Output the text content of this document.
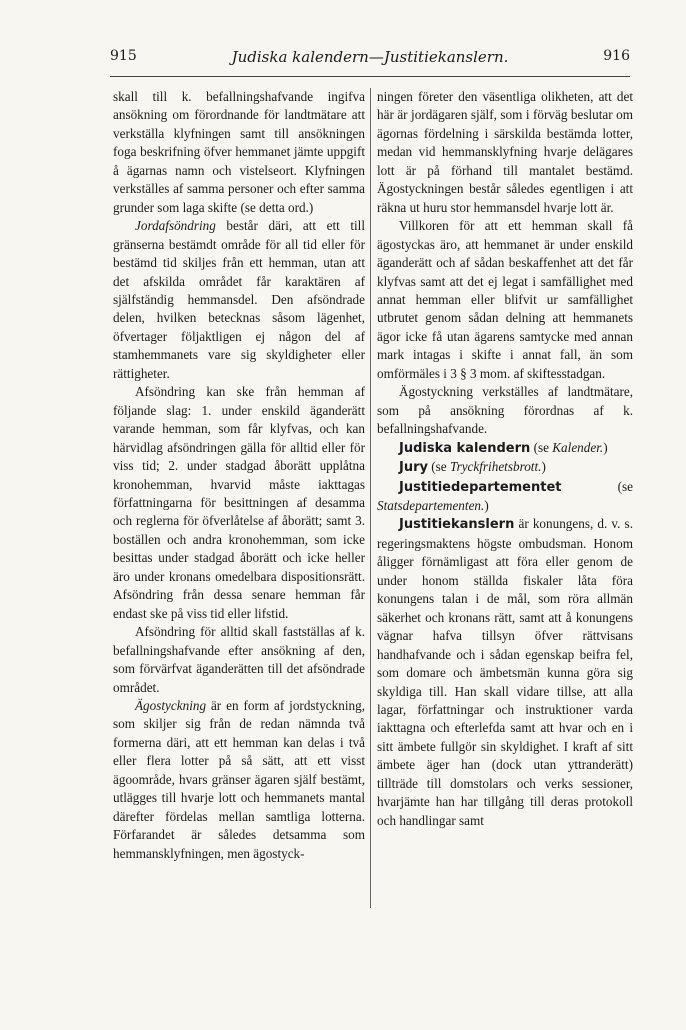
915	Judiska kalendern—Justitiekanslern.	916

skall till k. befallningshafvande ingifva ansökning om förordnande för landtmätare att verkställa klyfningen samt till ansökningen foga beskrifning öfver hemmanet jämte uppgift å ägarnas namn och vistelseort. Klyfningen verkställes af samma personer och efter samma grunder som laga skifte (se detta ord.)

Jordafsöndring består däri, att ett till gränserna bestämdt område för all tid eller för bestämd tid skiljes från ett hemman, utan att det afskilda området får karaktären af själfständig hemmansdel. Den afsöndrade delen, hvilken betecknas såsom lägenhet, öfvertager följaktligen ej någon del af stamhemmanets vare sig skyldigheter eller rättigheter.

Afsöndring kan ske från hemman af följande slag: 1. under enskild äganderätt varande hemman, som får klyfvas, och kan härvidlag afsöndringen gälla för alltid eller för viss tid; 2. under stadgad åborätt upplåtna kronohemman, hvarvid måste iakttagas författningarna för besittningen af desamma och reglerna för öfverlåtelse af åborätt; samt 3. boställen och andra kronohemman, som icke besittas under stadgad åborätt och icke heller äro under kronans omedelbara dispositionsrätt. Afsöndring från dessa senare hemman får endast ske på viss tid eller lifstid.

Afsöndring för alltid skall fastställas af k. befallningshafvande efter ansökning af den, som förvärfvat äganderätten till det afsöndrade området.

Ägostyckning är en form af jordstyckning, som skiljer sig från de redan nämnda två formerna däri, att ett hemman kan delas i två eller flera lotter på så sätt, att ett visst ägoområde, hvars gränser ägaren själf bestämt, utlägges till hvarje lott och hemmanets mantal därefter fördelas mellan samtliga lotterna. Förfarandet är således detsamma som hemmansklyfningen, men ägostyck-

ningen företer den väsentliga olikheten, att det här är jordägaren själf, som i förväg beslutar om ägornas fördelning i särskilda bestämda lotter, medan vid hemmansklyfning hvarje delägares lott är på förhand till mantalet bestämd. Ägostyckningen består således egentligen i att räkna ut huru stor hemmansdel hvarje lott är.

Villkoren för att ett hemman skall få ägostyckas äro, att hemmanet är under enskild äganderätt och af sådan beskaffenhet att det får klyfvas samt att det ej legat i samfällighet med annat hemman eller blifvit ur samfällighet utbrutet genom sådan delning att hemmanets ägor icke få utan ägarens samtycke med annan mark intagas i skifte i annat fall, än som omförmäles i 3 § 3 mom. af skiftesstadgan.

Ägostyckning verkställes af landtmätare, som på ansökning förordnas af k. befallningshafvande.

Judiska kalendern (se Kalender.)

Jury (se Tryckfrihetsbrott.)

Justitiedepartementet (se Statsdepartementen.)

Justitiekanslern är konungens, d. v. s. regeringsmaktens högste ombudsman. Honom åligger förnämligast att föra eller genom de under honom ställda fiskaler låta föra konungens talan i de mål, som röra allmän säkerhet och kronans rätt, samt att å konungens vägnar hafva tillsyn öfver rättvisans handhafvande och i sådan egenskap beifra fel, som domare och ämbetsmän kunna göra sig skyldiga till. Han skall vidare tillse, att alla lagar, författningar och instruktioner varda iakttagna och efterlefda samt att hvar och en i sitt ämbete fullgör sin skyldighet. I kraft af sitt ämbete äger han (dock utan yttranderätt) tillträde till domstolars och verks sessioner, hvarjämte han har tillgång till deras protokoll och handlingar samt
